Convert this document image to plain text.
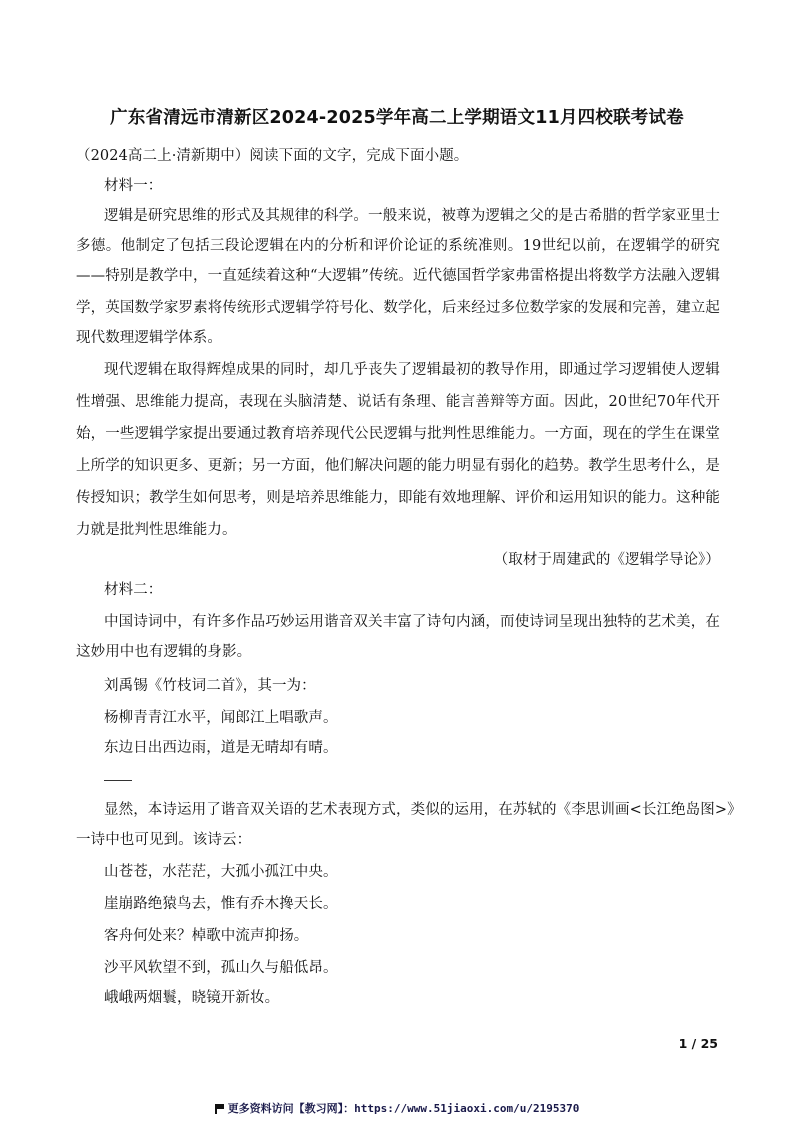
广东省清远市清新区2024-2025学年高二上学期语文11月四校联考试卷
（2024高二上·清新期中）阅读下面的文字，完成下面小题。
材料一：
逻辑是研究思维的形式及其规律的科学。一般来说，被尊为逻辑之父的是古希腊的哲学家亚里士
多德。他制定了包括三段论逻辑在内的分析和评价论证的系统准则。19世纪以前，在逻辑学的研究
——特别是教学中，一直延续着这种“大逻辑”传统。近代德国哲学家弗雷格提出将数学方法融入逻辑
学，英国数学家罗素将传统形式逻辑学符号化、数学化，后来经过多位数学家的发展和完善，建立起
现代数理逻辑学体系。
现代逻辑在取得辉煌成果的同时，却几乎丧失了逻辑最初的教导作用，即通过学习逻辑使人逻辑
性增强、思维能力提高，表现在头脑清楚、说话有条理、能言善辩等方面。因此，20世纪70年代开
始，一些逻辑学家提出要通过教育培养现代公民逻辑与批判性思维能力。一方面，现在的学生在课堂
上所学的知识更多、更新；另一方面，他们解决问题的能力明显有弱化的趋势。教学生思考什么，是
传授知识；教学生如何思考，则是培养思维能力，即能有效地理解、评价和运用知识的能力。这种能
力就是批判性思维能力。
（取材于周建武的《逻辑学导论》）
材料二：
中国诗词中，有许多作品巧妙运用谐音双关丰富了诗句内涵，而使诗词呈现出独特的艺术美，在
这妙用中也有逻辑的身影。
刘禹锡《竹枝词二首》，其一为：
杨柳青青江水平，闻郎江上唱歌声。
东边日出西边雨，道是无晴却有晴。
显然，本诗运用了谐音双关语的艺术表现方式，类似的运用，在苏轼的《李思训画<长江绝岛图>》
一诗中也可见到。该诗云：
山苍苍，水茫茫，大孤小孤江中央。
崖崩路绝猿鸟去，惟有乔木搀天长。
客舟何处来？棹歌中流声抑扬。
沙平风软望不到，孤山久与船低昂。
峨峨两烟鬟，晓镜开新妆。
1 / 25
更多资料访问【教习网】：https://www.51jiaoxi.com/u/2195370
